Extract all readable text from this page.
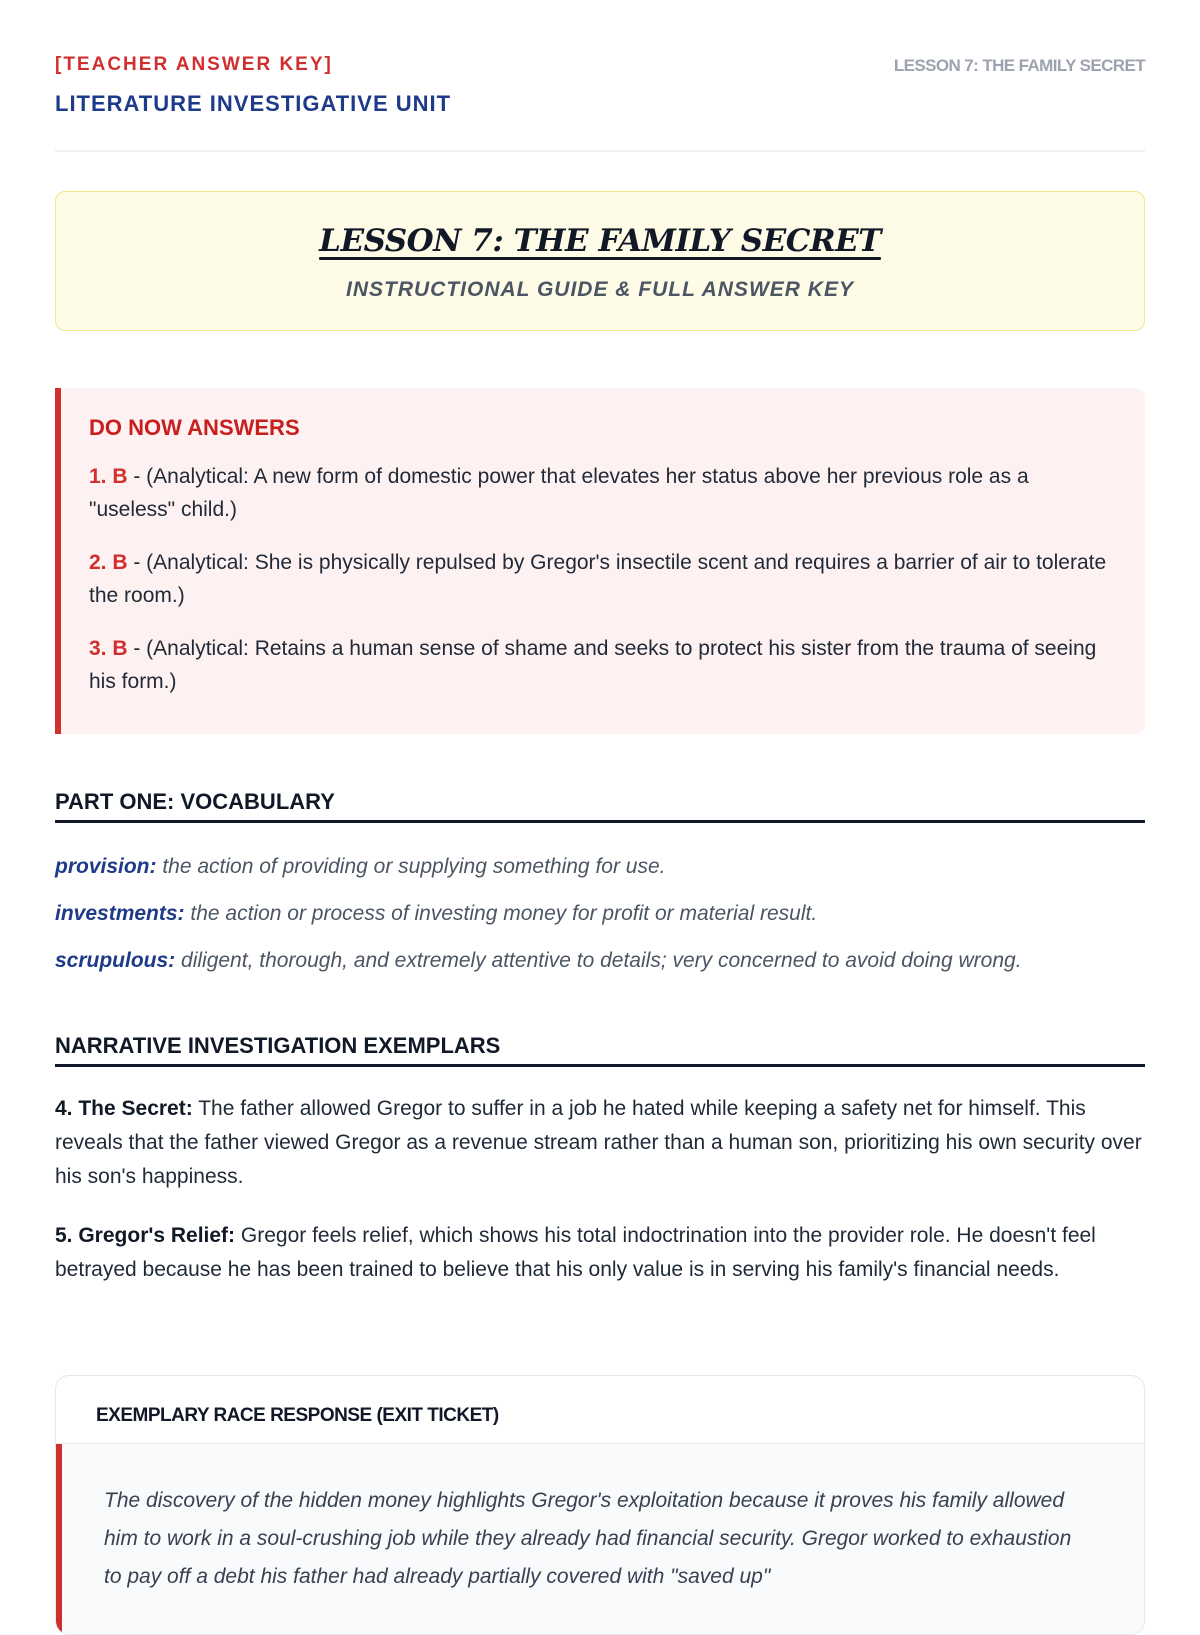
[TEACHER ANSWER KEY]
LITERATURE INVESTIGATIVE UNIT
LESSON 7: THE FAMILY SECRET
LESSON 7: THE FAMILY SECRET
INSTRUCTIONAL GUIDE & FULL ANSWER KEY
DO NOW ANSWERS

1. B - (Analytical: A new form of domestic power that elevates her status above her previous role as a "useless" child.)

2. B - (Analytical: She is physically repulsed by Gregor's insectile scent and requires a barrier of air to tolerate the room.)

3. B - (Analytical: Retains a human sense of shame and seeks to protect his sister from the trauma of seeing his form.)

PART ONE: VOCABULARY
provision: the action of providing or supplying something for use.
investments: the action or process of investing money for profit or material result.
scrupulous: diligent, thorough, and extremely attentive to details; very concerned to avoid doing wrong.
NARRATIVE INVESTIGATION EXEMPLARS

4. The Secret: The father allowed Gregor to suffer in a job he hated while keeping a safety net for himself. This reveals that the father viewed Gregor as a revenue stream rather than a human son, prioritizing his own security over his son's happiness.

5. Gregor's Relief: Gregor feels relief, which shows his total indoctrination into the provider role. He doesn't feel betrayed because he has been trained to believe that his only value is in serving his family's financial needs.

EXEMPLARY RACE RESPONSE (EXIT TICKET)
The discovery of the hidden money highlights Gregor's exploitation because it proves his family allowed him to work in a soul-crushing job while they already had financial security. Gregor worked to exhaustion to pay off a debt his father had already partially covered with "saved up"
